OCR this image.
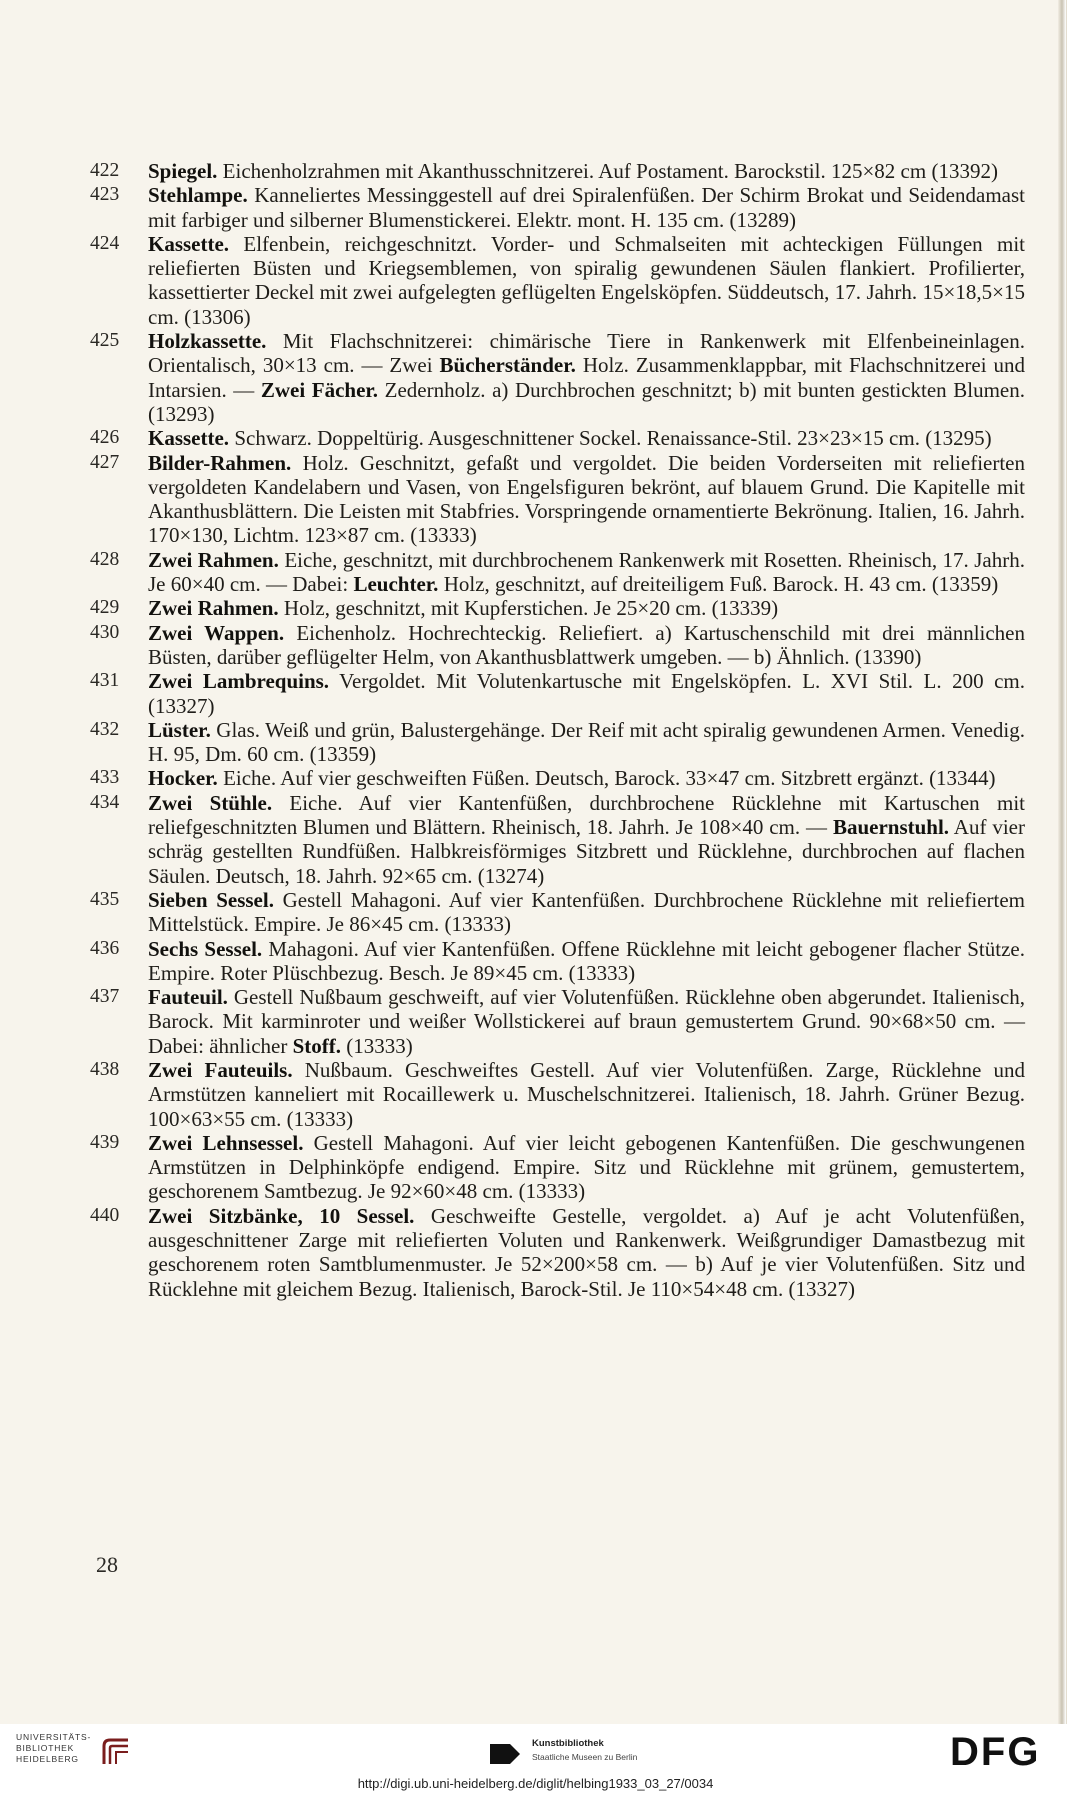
422	Spiegel. Eichenholzrahmen mit Akanthusschnitzerei. Auf Postament. Barockstil. 125×82 cm (13392)
423	Stehlampe. Kanneliertes Messinggestell auf drei Spiralenfüßen. Der Schirm Brokat und Seidendamast mit farbiger und silberner Blumenstickerei. Elektr. mont. H. 135 cm. (13289)
424	Kassette. Elfenbein, reichgeschnitzt. Vorder- und Schmalseiten mit achteckigen Füllungen mit reliefierten Büsten und Kriegsemblemen, von spiralig gewundenen Säulen flankiert. Profilierter, kassettierter Deckel mit zwei aufgelegten geflügelten Engelsköpfen. Süddeutsch, 17. Jahrh. 15×18,5×15 cm. (13306)
425	Holzkassette. Mit Flachschnitzerei: chimärische Tiere in Rankenwerk mit Elfenbeineinlagen. Orientalisch, 30×13 cm. — Zwei Bücherständer. Holz. Zusammenklappbar, mit Flachschnitzerei und Intarsien. — Zwei Fächer. Zedernholz. a) Durchbrochen geschnitzt; b) mit bunten gestickten Blumen. (13293)
426	Kassette. Schwarz. Doppeltürig. Ausgeschnittener Sockel. Renaissance-Stil. 23×23×15 cm. (13295)
427	Bilder-Rahmen. Holz. Geschnitzt, gefaßt und vergoldet. Die beiden Vorderseiten mit reliefierten vergoldeten Kandelabern und Vasen, von Engelsfiguren bekrönt, auf blauem Grund. Die Kapitelle mit Akanthusblättern. Die Leisten mit Stabfries. Vorspringende ornamentierte Bekrönung. Italien, 16. Jahrh. 170×130, Lichtm. 123×87 cm. (13333)
428	Zwei Rahmen. Eiche, geschnitzt, mit durchbrochenem Rankenwerk mit Rosetten. Rheinisch, 17. Jahrh. Je 60×40 cm. — Dabei: Leuchter. Holz, geschnitzt, auf dreiteiligem Fuß. Barock. H. 43 cm. (13359)
429	Zwei Rahmen. Holz, geschnitzt, mit Kupferstichen. Je 25×20 cm. (13339)
430	Zwei Wappen. Eichenholz. Hochrechteckig. Reliefiert. a) Kartuschenschild mit drei männlichen Büsten, darüber geflügelter Helm, von Akanthusblattwerk umgeben. — b) Ähnlich. (13390)
431	Zwei Lambrequins. Vergoldet. Mit Volutenkartusche mit Engelsköpfen. L. XVI Stil. L. 200 cm. (13327)
432	Lüster. Glas. Weiß und grün, Balustergehänge. Der Reif mit acht spiralig gewundenen Armen. Venedig. H. 95, Dm. 60 cm. (13359)
433	Hocker. Eiche. Auf vier geschweiften Füßen. Deutsch, Barock. 33×47 cm. Sitzbrett ergänzt. (13344)
434	Zwei Stühle. Eiche. Auf vier Kantenfüßen, durchbrochene Rücklehne mit Kartuschen mit reliefgeschnitzten Blumen und Blättern. Rheinisch, 18. Jahrh. Je 108×40 cm. — Bauernstuhl. Auf vier schräg gestellten Rundfüßen. Halbkreisförmiges Sitzbrett und Rücklehne, durchbrochen auf flachen Säulen. Deutsch, 18. Jahrh. 92×65 cm. (13274)
435	Sieben Sessel. Gestell Mahagoni. Auf vier Kantenfüßen. Durchbrochene Rücklehne mit reliefiertem Mittelstück. Empire. Je 86×45 cm. (13333)
436	Sechs Sessel. Mahagoni. Auf vier Kantenfüßen. Offene Rücklehne mit leicht gebogener flacher Stütze. Empire. Roter Plüschbezug. Besch. Je 89×45 cm. (13333)
437	Fauteuil. Gestell Nußbaum geschweift, auf vier Volutenfüßen. Rücklehne oben abgerundet. Italienisch, Barock. Mit karminroter und weißer Wollstickerei auf braun gemustertem Grund. 90×68×50 cm. — Dabei: ähnlicher Stoff. (13333)
438	Zwei Fauteuils. Nußbaum. Geschweiftes Gestell. Auf vier Volutenfüßen. Zarge, Rücklehne und Armstützen kanneliert mit Rocaillewerk u. Muschelschnitzerei. Italienisch, 18. Jahrh. Grüner Bezug. 100×63×55 cm. (13333)
439	Zwei Lehnsessel. Gestell Mahagoni. Auf vier leicht gebogenen Kantenfüßen. Die geschwungenen Armstützen in Delphinköpfe endigend. Empire. Sitz und Rücklehne mit grünem, gemustertem, geschorenem Samtbezug. Je 92×60×48 cm. (13333)
440	Zwei Sitzbänke, 10 Sessel. Geschweifte Gestelle, vergoldet. a) Auf je acht Volutenfüßen, ausgeschnittener Zarge mit reliefierten Voluten und Rankenwerk. Weißgrundiger Damastbezug mit geschorenem roten Samtblumenmuster. Je 52×200×58 cm. — b) Auf je vier Volutenfüßen. Sitz und Rücklehne mit gleichem Bezug. Italienisch, Barock-Stil. Je 110×54×48 cm. (13327)
28
UNIVERSITÄTS-
BIBLIOTHEK
HEIDELBERG
Kunstbibliothek
Staatliche Museen zu Berlin	DFG
http://digi.ub.uni-heidelberg.de/diglit/helbing1933_03_27/0034
